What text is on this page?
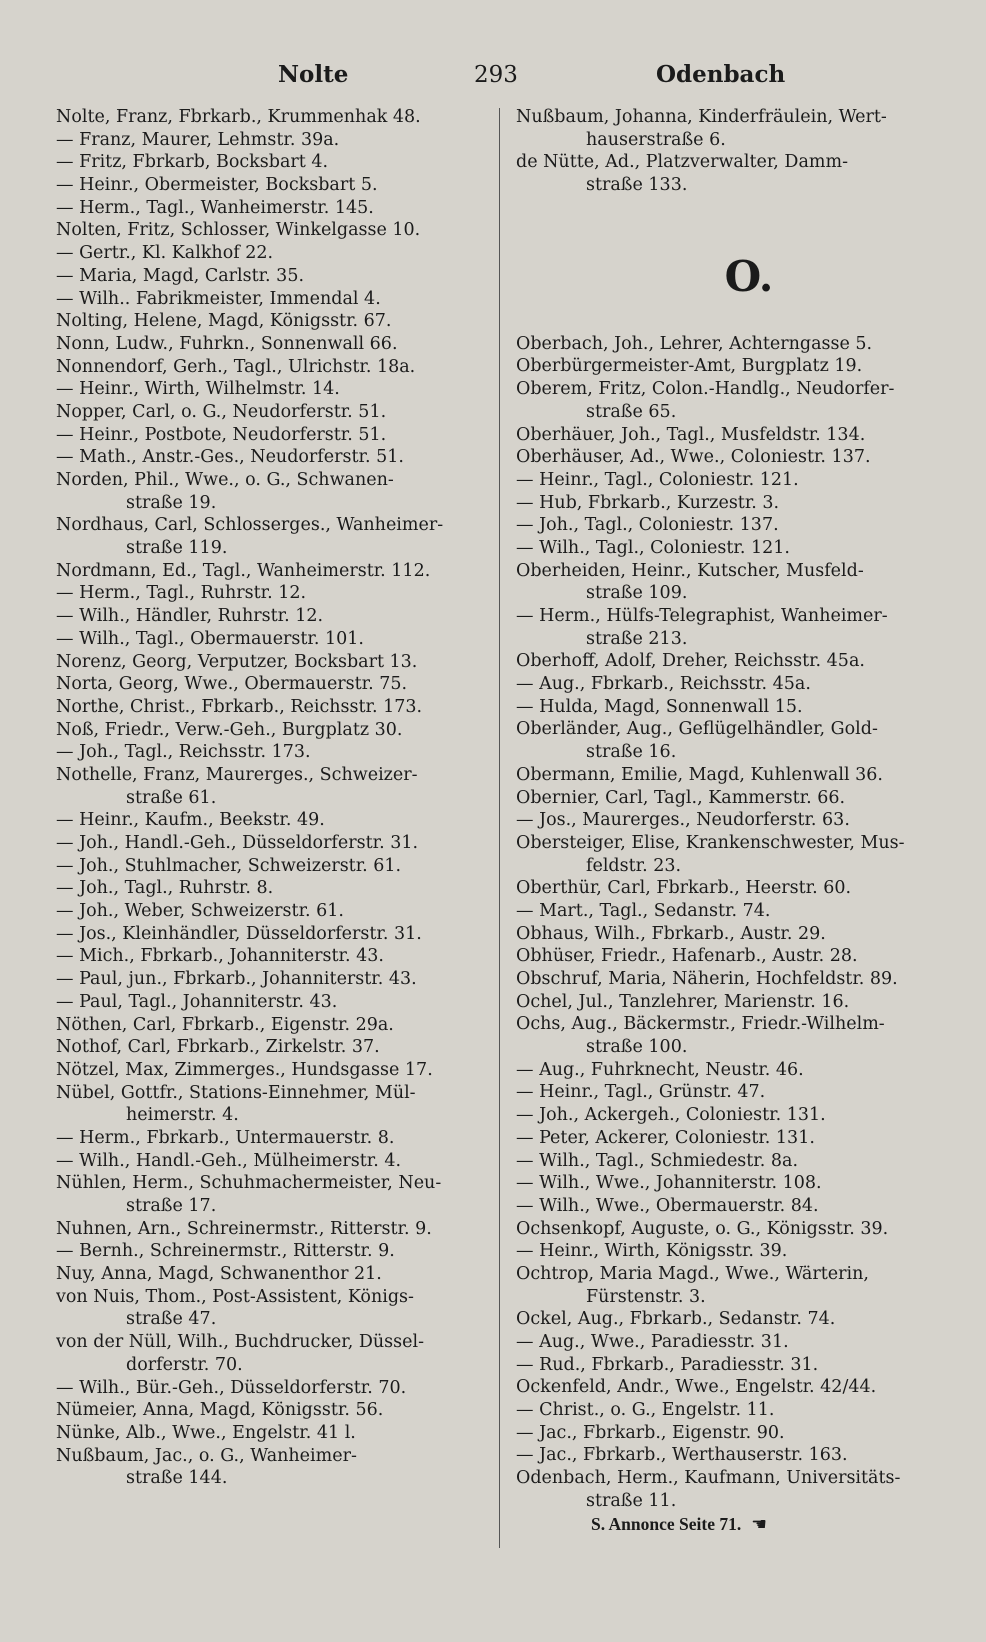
Nolte	293	Odenbach
Nolte, Franz, Fbrkarb., Krummenhak 48.
— Franz, Maurer, Lehmstr. 39a.
— Fritz, Fbrkarb, Bocksbart 4.
— Heinr., Obermeister, Bocksbart 5.
— Herm., Tagl., Wanheimerstr. 145.
Nolten, Fritz, Schlosser, Winkelgasse 10.
— Gertr., Kl. Kalkhof 22.
— Maria, Magd, Carlstr. 35.
— Wilh.. Fabrikmeister, Immendal 4.
Nolting, Helene, Magd, Königsstr. 67.
Nonn, Ludw., Fuhrkn., Sonnenwall 66.
Nonnendorf, Gerh., Tagl., Ulrichstr. 18a.
— Heinr., Wirth, Wilhelmstr. 14.
Nopper, Carl, o. G., Neudorferstr. 51.
— Heinr., Postbote, Neudorferstr. 51.
— Math., Anstr.-Ges., Neudorferstr. 51.
Norden, Phil., Wwe., o. G., Schwanen-
straße 19.
Nordhaus, Carl, Schlosserges., Wanheimer-
straße 119.
Nordmann, Ed., Tagl., Wanheimerstr. 112.
— Herm., Tagl., Ruhrstr. 12.
— Wilh., Händler, Ruhrstr. 12.
— Wilh., Tagl., Obermauerstr. 101.
Norenz, Georg, Verputzer, Bocksbart 13.
Norta, Georg, Wwe., Obermauerstr. 75.
Northe, Christ., Fbrkarb., Reichsstr. 173.
Noß, Friedr., Verw.-Geh., Burgplatz 30.
— Joh., Tagl., Reichsstr. 173.
Nothelle, Franz, Maurerges., Schweizer-
straße 61.
— Heinr., Kaufm., Beekstr. 49.
— Joh., Handl.-Geh., Düsseldorferstr. 31.
— Joh., Stuhlmacher, Schweizerstr. 61.
— Joh., Tagl., Ruhrstr. 8.
— Joh., Weber, Schweizerstr. 61.
— Jos., Kleinhändler, Düsseldorferstr. 31.
— Mich., Fbrkarb., Johanniterstr. 43.
— Paul, jun., Fbrkarb., Johanniterstr. 43.
— Paul, Tagl., Johanniterstr. 43.
Nöthen, Carl, Fbrkarb., Eigenstr. 29a.
Nothof, Carl, Fbrkarb., Zirkelstr. 37.
Nötzel, Max, Zimmerges., Hundsgasse 17.
Nübel, Gottfr., Stations-Einnehmer, Mül-
heimerstr. 4.
— Herm., Fbrkarb., Untermauerstr. 8.
— Wilh., Handl.-Geh., Mülheimerstr. 4.
Nühlen, Herm., Schuhmachermeister, Neu-
straße 17.
Nuhnen, Arn., Schreinermstr., Ritterstr. 9.
— Bernh., Schreinermstr., Ritterstr. 9.
Nuy, Anna, Magd, Schwanenthor 21.
von Nuis, Thom., Post-Assistent, Königs-
straße 47.
von der Nüll, Wilh., Buchdrucker, Düssel-
dorferstr. 70.
— Wilh., Bür.-Geh., Düsseldorferstr. 70.
Nümeier, Anna, Magd, Königsstr. 56.
Nünke, Alb., Wwe., Engelstr. 41 l.
Nußbaum, Jac., o. G., Wanheimer-
straße 144.
Nußbaum, Johanna, Kinderfräulein, Wert-
hauserstraße 6.
de Nütte, Ad., Platzverwalter, Damm-
straße 133.
O.
Oberbach, Joh., Lehrer, Achterngasse 5.
Oberbürgermeister-Amt, Burgplatz 19.
Oberem, Fritz, Colon.-Handlg., Neudorfer-
straße 65.
Oberhäuer, Joh., Tagl., Musfeldstr. 134.
Oberhäuser, Ad., Wwe., Coloniestr. 137.
— Heinr., Tagl., Coloniestr. 121.
— Hub, Fbrkarb., Kurzestr. 3.
— Joh., Tagl., Coloniestr. 137.
— Wilh., Tagl., Coloniestr. 121.
Oberheiden, Heinr., Kutscher, Musfeld-
straße 109.
— Herm., Hülfs-Telegraphist, Wanheimer-
straße 213.
Oberhoff, Adolf, Dreher, Reichsstr. 45a.
— Aug., Fbrkarb., Reichsstr. 45a.
— Hulda, Magd, Sonnenwall 15.
Oberländer, Aug., Geflügelhändler, Gold-
straße 16.
Obermann, Emilie, Magd, Kuhlenwall 36.
Obernier, Carl, Tagl., Kammerstr. 66.
— Jos., Maurerges., Neudorferstr. 63.
Obersteiger, Elise, Krankenschwester, Mus-
feldstr. 23.
Oberthür, Carl, Fbrkarb., Heerstr. 60.
— Mart., Tagl., Sedanstr. 74.
Obhaus, Wilh., Fbrkarb., Austr. 29.
Obhüser, Friedr., Hafenarb., Austr. 28.
Obschruf, Maria, Näherin, Hochfeldstr. 89.
Ochel, Jul., Tanzlehrer, Marienstr. 16.
Ochs, Aug., Bäckermstr., Friedr.-Wilhelm-
straße 100.
— Aug., Fuhrknecht, Neustr. 46.
— Heinr., Tagl., Grünstr. 47.
— Joh., Ackergeh., Coloniestr. 131.
— Peter, Ackerer, Coloniestr. 131.
— Wilh., Tagl., Schmiedestr. 8a.
— Wilh., Wwe., Johanniterstr. 108.
— Wilh., Wwe., Obermauerstr. 84.
Ochsenkopf, Auguste, o. G., Königsstr. 39.
— Heinr., Wirth, Königsstr. 39.
Ochtrop, Maria Magd., Wwe., Wärterin,
Fürstenstr. 3.
Ockel, Aug., Fbrkarb., Sedanstr. 74.
— Aug., Wwe., Paradiesstr. 31.
— Rud., Fbrkarb., Paradiesstr. 31.
Ockenfeld, Andr., Wwe., Engelstr. 42/44.
— Christ., o. G., Engelstr. 11.
— Jac., Fbrkarb., Eigenstr. 90.
— Jac., Fbrkarb., Werthauserstr. 163.
Odenbach, Herm., Kaufmann, Universitäts-
straße 11.
S. Annonce Seite 71. ☚
